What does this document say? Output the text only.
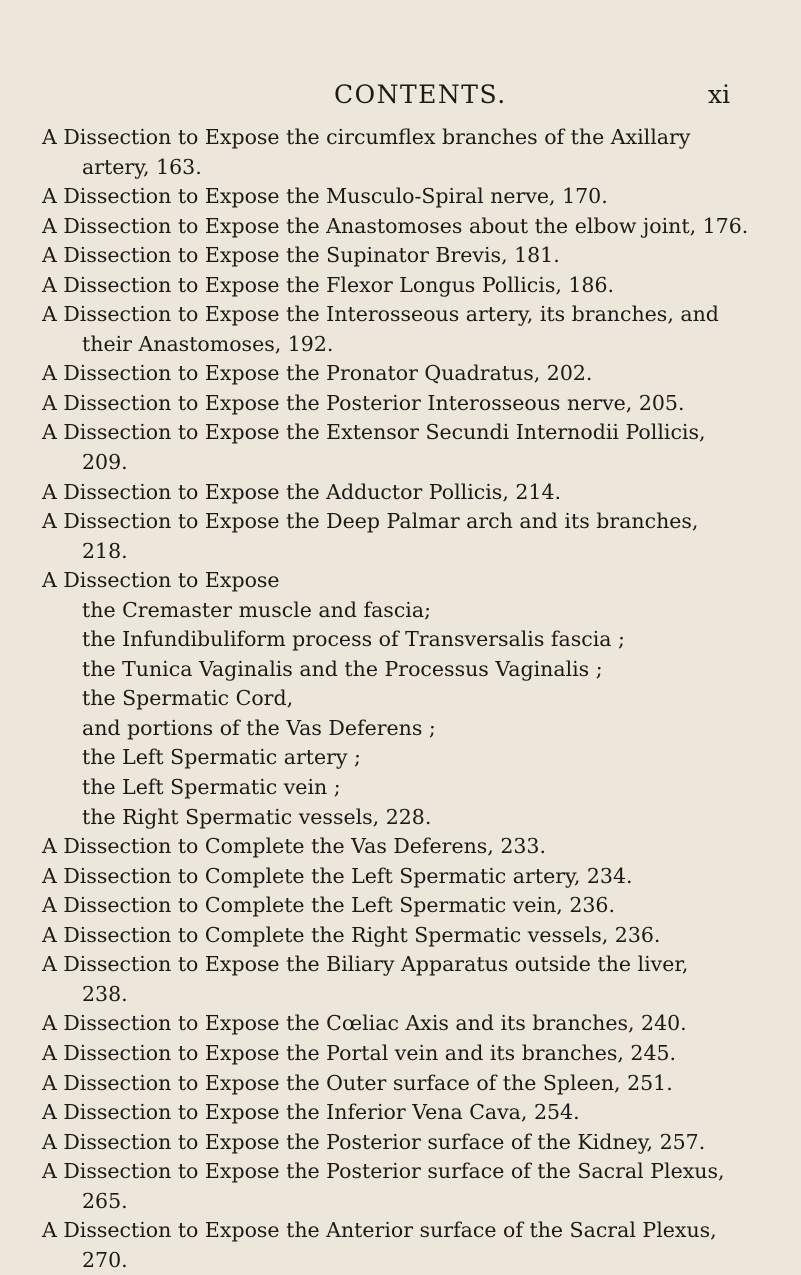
CONTENTS.	xi
A Dissection to Expose the circumflex branches of the Axillary
artery, 163.
A Dissection to Expose the Musculo-Spiral nerve, 170.
A Dissection to Expose the Anastomoses about the elbow joint, 176.
A Dissection to Expose the Supinator Brevis, 181.
A Dissection to Expose the Flexor Longus Pollicis, 186.
A Dissection to Expose the Interosseous artery, its branches, and
their Anastomoses, 192.
A Dissection to Expose the Pronator Quadratus, 202.
A Dissection to Expose the Posterior Interosseous nerve, 205.
A Dissection to Expose the Extensor Secundi Internodii Pollicis,
209.
A Dissection to Expose the Adductor Pollicis, 214.
A Dissection to Expose the Deep Palmar arch and its branches,
218.
A Dissection to Expose
the Cremaster muscle and fascia;
the Infundibuliform process of Transversalis fascia ;
the Tunica Vaginalis and the Processus Vaginalis ;
the Spermatic Cord,
and portions of the Vas Deferens ;
the Left Spermatic artery ;
the Left Spermatic vein ;
the Right Spermatic vessels, 228.
A Dissection to Complete the Vas Deferens, 233.
A Dissection to Complete the Left Spermatic artery, 234.
A Dissection to Complete the Left Spermatic vein, 236.
A Dissection to Complete the Right Spermatic vessels, 236.
A Dissection to Expose the Biliary Apparatus outside the liver,
238.
A Dissection to Expose the Cœliac Axis and its branches, 240.
A Dissection to Expose the Portal vein and its branches, 245.
A Dissection to Expose the Outer surface of the Spleen, 251.
A Dissection to Expose the Inferior Vena Cava, 254.
A Dissection to Expose the Posterior surface of the Kidney, 257.
A Dissection to Expose the Posterior surface of the Sacral Plexus,
265.
A Dissection to Expose the Anterior surface of the Sacral Plexus,
270.
